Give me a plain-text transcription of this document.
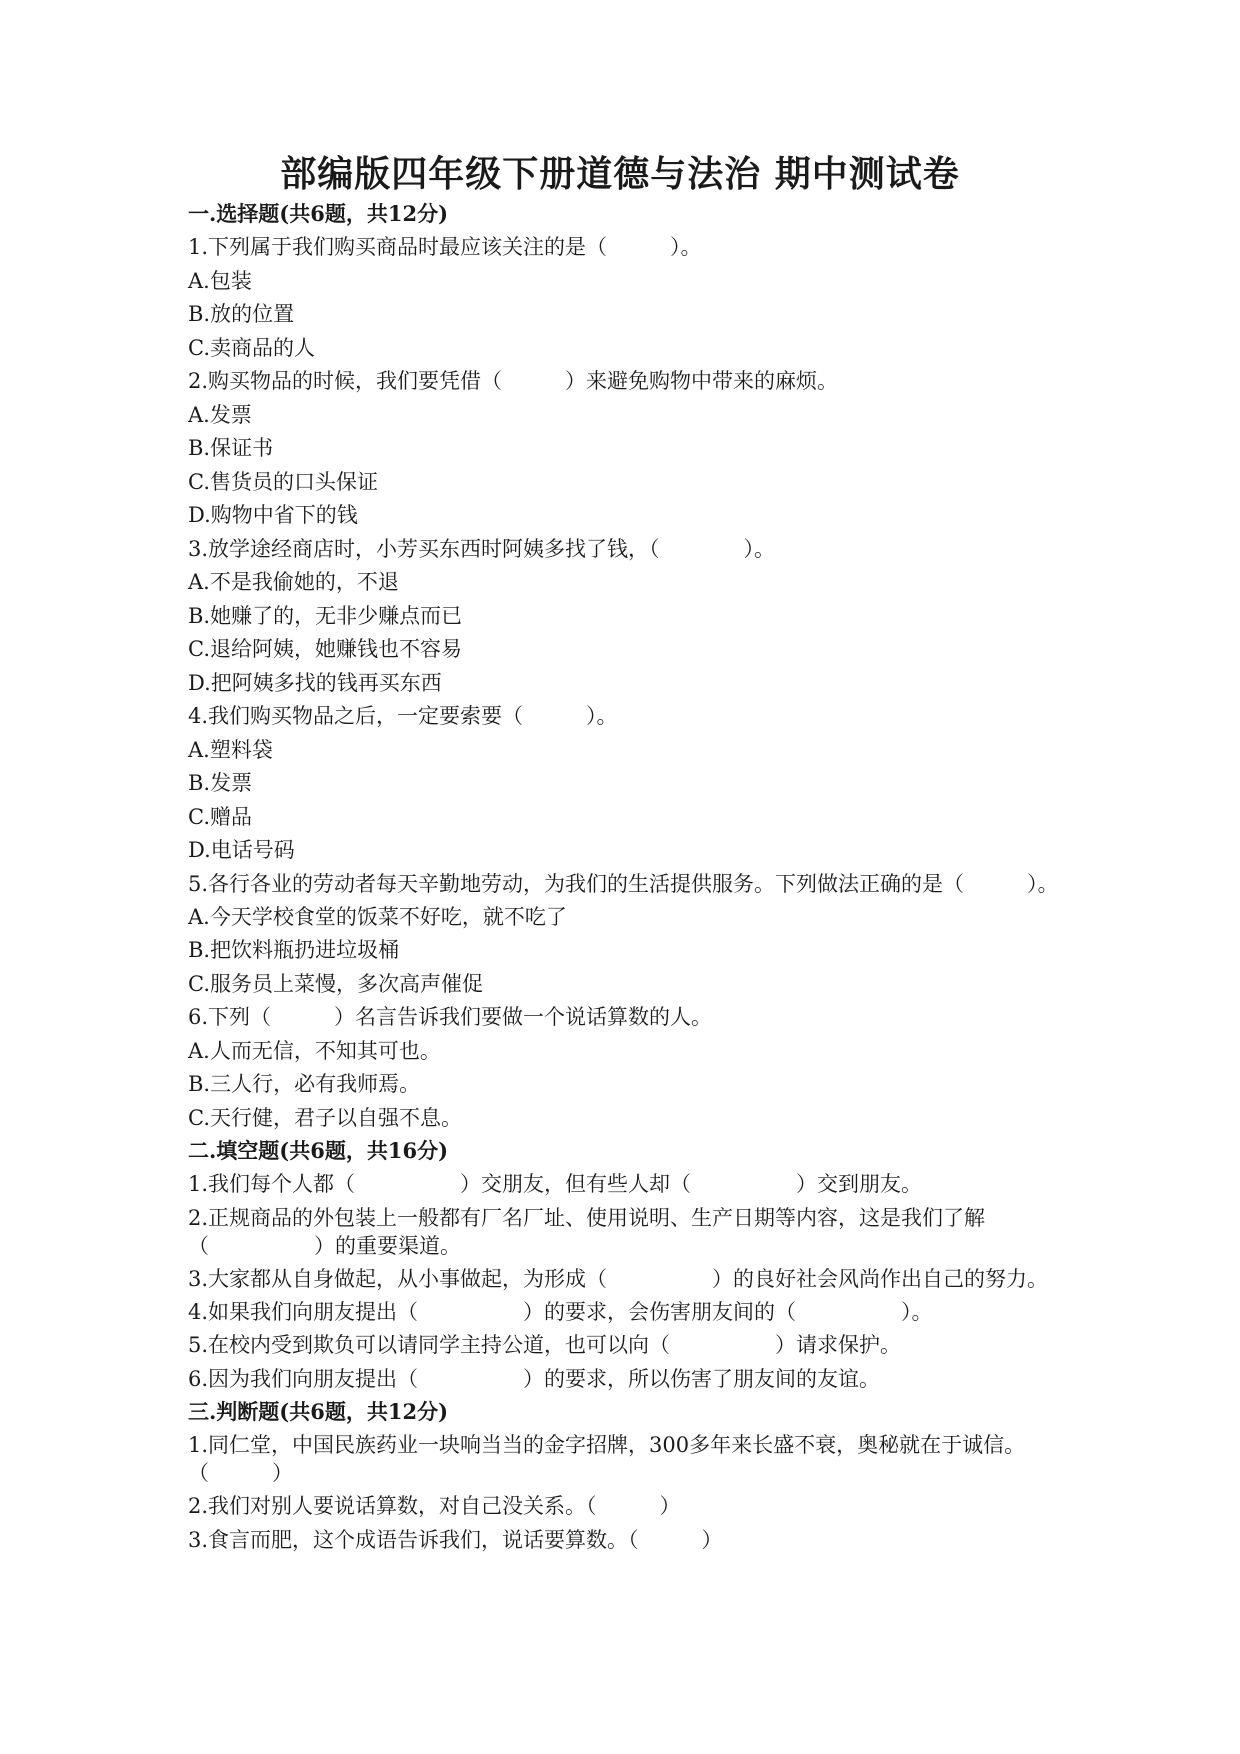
部编版四年级下册道德与法治 期中测试卷
一.选择题(共6题，共12分)
1.下列属于我们购买商品时最应该关注的是（　　　）。
A.包装
B.放的位置
C.卖商品的人
2.购买物品的时候，我们要凭借（　　　）来避免购物中带来的麻烦。
A.发票
B.保证书
C.售货员的口头保证
D.购物中省下的钱
3.放学途经商店时，小芳买东西时阿姨多找了钱，（　　　　）。
A.不是我偷她的，不退
B.她赚了的，无非少赚点而已
C.退给阿姨，她赚钱也不容易
D.把阿姨多找的钱再买东西
4.我们购买物品之后，一定要索要（　　　）。
A.塑料袋
B.发票
C.赠品
D.电话号码
5.各行各业的劳动者每天辛勤地劳动，为我们的生活提供服务。下列做法正确的是（　　　）。
A.今天学校食堂的饭菜不好吃，就不吃了
B.把饮料瓶扔进垃圾桶
C.服务员上菜慢，多次高声催促
6.下列（　　　）名言告诉我们要做一个说话算数的人。
A.人而无信，不知其可也。
B.三人行，必有我师焉。
C.天行健，君子以自强不息。
二.填空题(共6题，共16分)
1.我们每个人都（　　　　　）交朋友，但有些人却（　　　　　）交到朋友。
2.正规商品的外包装上一般都有厂名厂址、使用说明、生产日期等内容，这是我们了解（　　　　　）的重要渠道。
3.大家都从自身做起，从小事做起，为形成（　　　　　）的良好社会风尚作出自己的努力。
4.如果我们向朋友提出（　　　　　）的要求，会伤害朋友间的（　　　　　）。
5.在校内受到欺负可以请同学主持公道，也可以向（　　　　　）请求保护。
6.因为我们向朋友提出（　　　　　）的要求，所以伤害了朋友间的友谊。
三.判断题(共6题，共12分)
1.同仁堂，中国民族药业一块响当当的金字招牌，300多年来长盛不衰，奥秘就在于诚信。（　　　）
2.我们对别人要说话算数，对自己没关系。（　　　）
3.食言而肥，这个成语告诉我们，说话要算数。（　　　）
